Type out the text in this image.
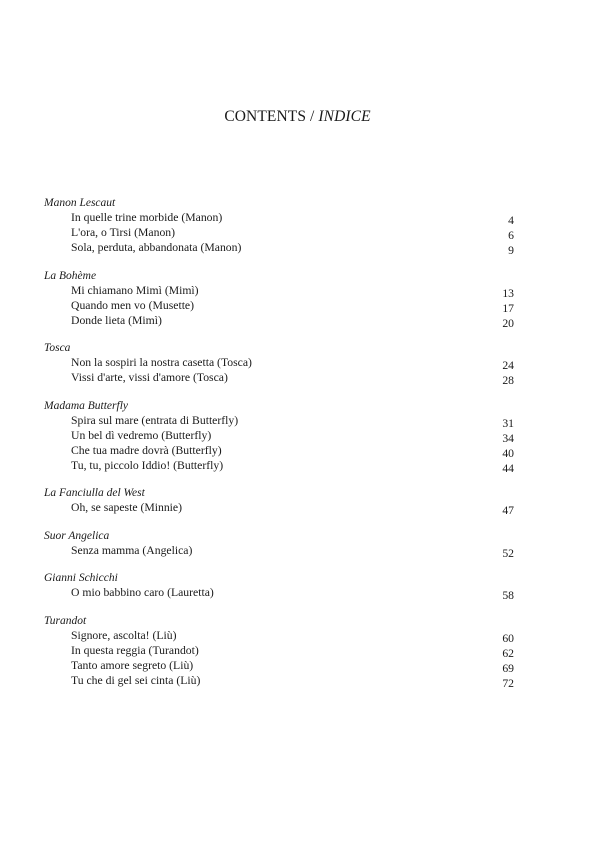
CONTENTS / INDICE
Manon Lescaut
In quelle trine morbide (Manon)	4
L'ora, o Tirsi (Manon)	6
Sola, perduta, abbandonata (Manon)	9
La Bohème
Mi chiamano Mimì (Mimì)	13
Quando men vo (Musette)	17
Donde lieta (Mimì)	20
Tosca
Non la sospiri la nostra casetta (Tosca)	24
Vissi d'arte, vissi d'amore (Tosca)	28
Madama Butterfly
Spira sul mare (entrata di Butterfly)	31
Un bel dì vedremo (Butterfly)	34
Che tua madre dovrà (Butterfly)	40
Tu, tu, piccolo Iddio! (Butterfly)	44
La Fanciulla del West
Oh, se sapeste (Minnie)	47
Suor Angelica
Senza mamma (Angelica)	52
Gianni Schicchi
O mio babbino caro (Lauretta)	58
Turandot
Signore, ascolta! (Liù)	60
In questa reggia (Turandot)	62
Tanto amore segreto (Liù)	69
Tu che di gel sei cinta (Liù)	72
